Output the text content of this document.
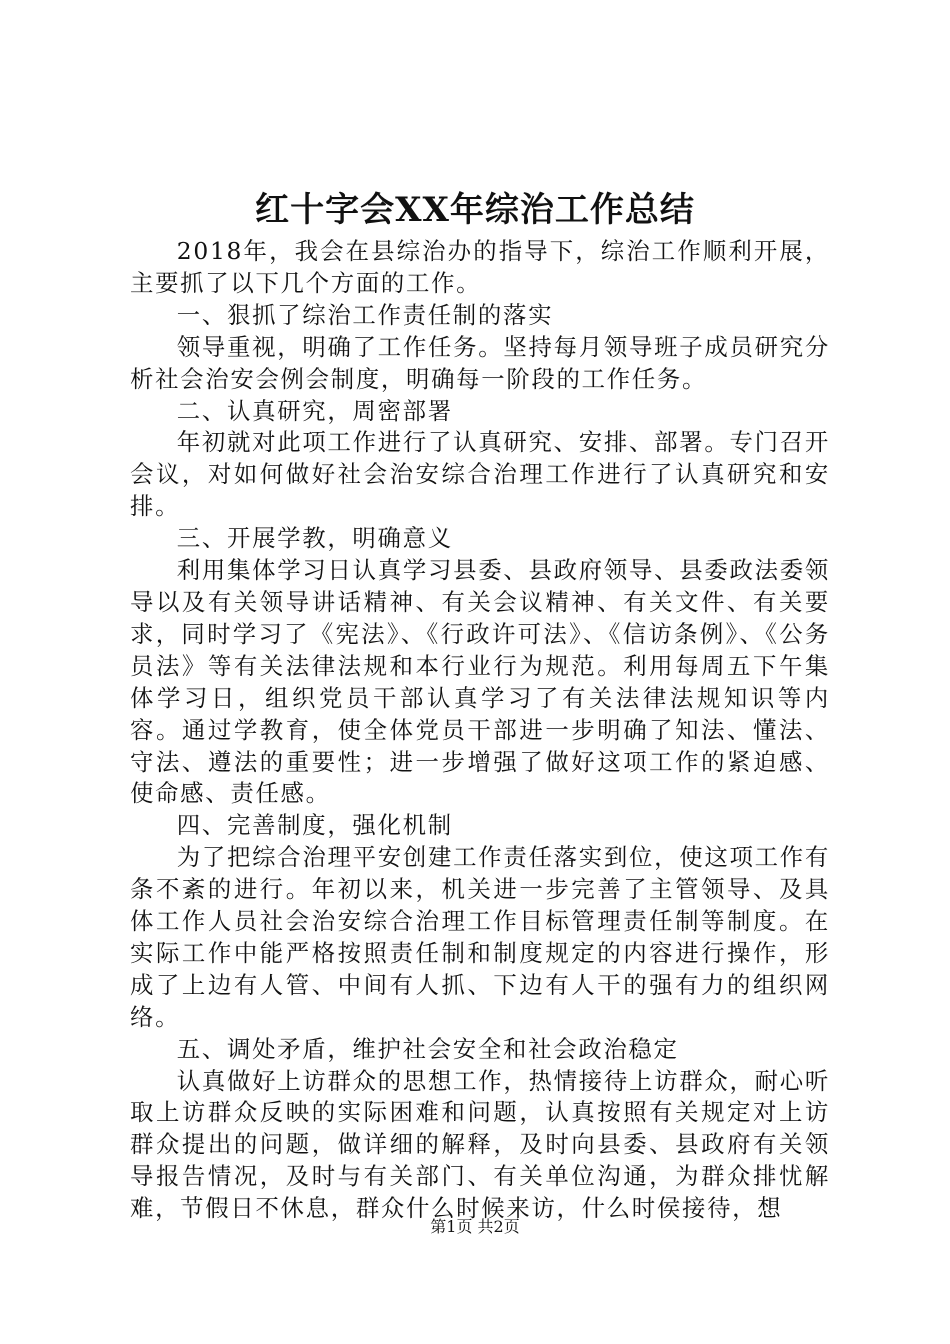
红十字会XX年综治工作总结

2018年，我会在县综治办的指导下，综治工作顺利开展，主要抓了以下几个方面的工作。

一、狠抓了综治工作责任制的落实

领导重视，明确了工作任务。坚持每月领导班子成员研究分析社会治安会例会制度，明确每一阶段的工作任务。

二、认真研究，周密部署

年初就对此项工作进行了认真研究、安排、部署。专门召开会议，对如何做好社会治安综合治理工作进行了认真研究和安排。

三、开展学教，明确意义

利用集体学习日认真学习县委、县政府领导、县委政法委领导以及有关领导讲话精神、有关会议精神、有关文件、有关要求，同时学习了《宪法》、《行政许可法》、《信访条例》、《公务员法》等有关法律法规和本行业行为规范。利用每周五下午集体学习日，组织党员干部认真学习了有关法律法规知识等内容。通过学教育，使全体党员干部进一步明确了知法、懂法、守法、遵法的重要性；进一步增强了做好这项工作的紧迫感、使命感、责任感。

四、完善制度，强化机制

为了把综合治理平安创建工作责任落实到位，使这项工作有条不紊的进行。年初以来，机关进一步完善了主管领导、及具体工作人员社会治安综合治理工作目标管理责任制等制度。在实际工作中能严格按照责任制和制度规定的内容进行操作，形成了上边有人管、中间有人抓、下边有人干的强有力的组织网络。

五、调处矛盾，维护社会安全和社会政治稳定

认真做好上访群众的思想工作，热情接待上访群众，耐心听取上访群众反映的实际困难和问题，认真按照有关规定对上访群众提出的问题，做详细的解释，及时向县委、县政府有关领导报告情况，及时与有关部门、有关单位沟通，为群众排忧解难，节假日不休息，群众什么时候来访，什么时侯接待，想

第1页 共2页
